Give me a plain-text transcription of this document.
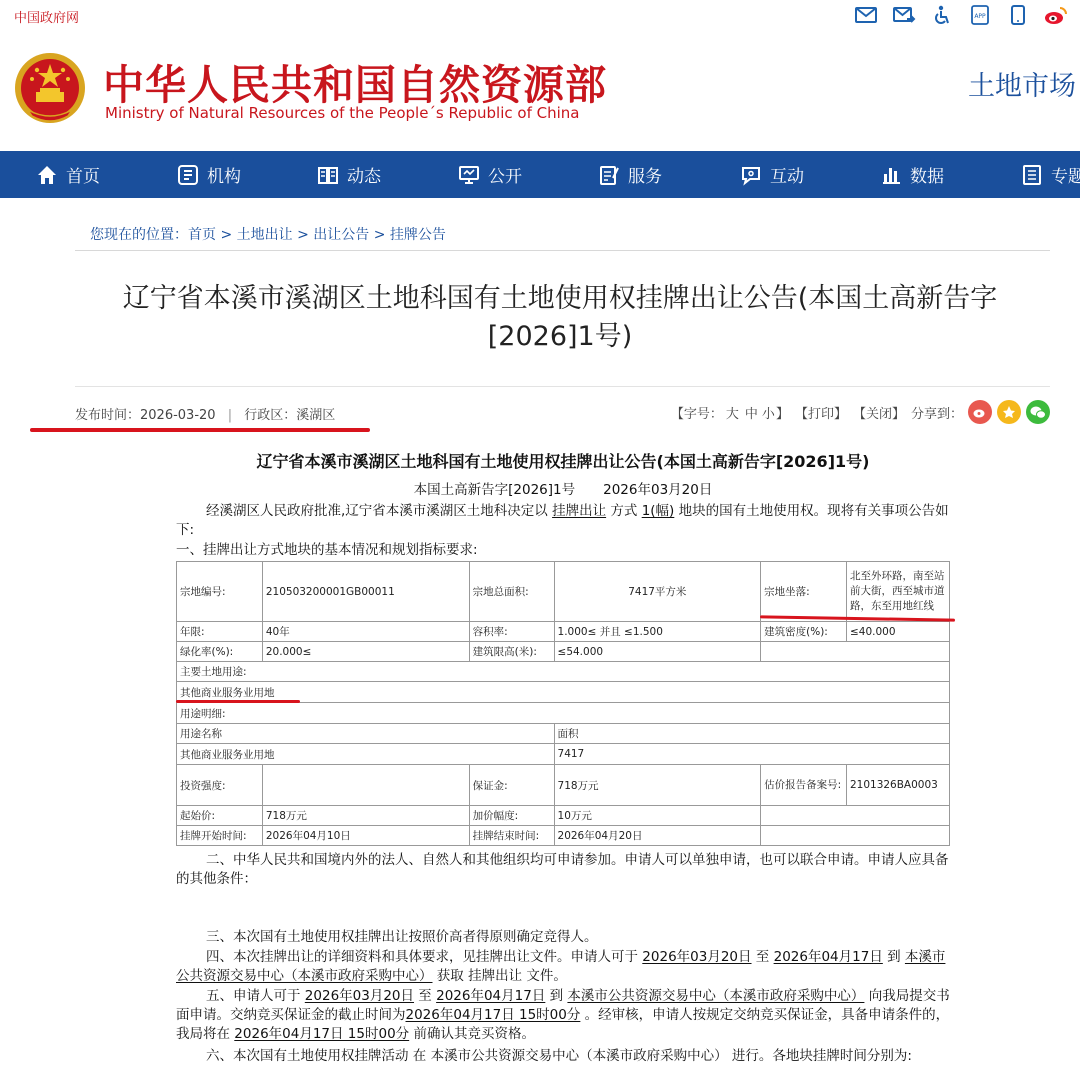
中国政府网	APP
中华人民共和国自然资源部
Ministry of Natural Resources of the People´s Republic of China
土地市场
首页	机构	动态	公开	服务	互动	数据	专题
您现在的位置：首页 > 土地出让 > 出让公告 > 挂牌公告
辽宁省本溪市溪湖区土地科国有土地使用权挂牌出让公告(本国土高新告字
[2026]1号)
发布时间：2026-03-20 | 行政区：溪湖区	【字号： 大 中 小 】 【打印】 【关闭】 分享到：
辽宁省本溪市溪湖区土地科国有土地使用权挂牌出让公告(本国土高新告字[2026]1号)
本国土高新告字[2026]1号 2026年03月20日
经溪湖区人民政府批准,辽宁省本溪市溪湖区土地科决定以 挂牌出让 方式 1(幅) 地块的国有土地使用权。现将有关事项公告如下:
一、挂牌出让方式地块的基本情况和规划指标要求:
宗地编号:	210503200001GB00011	宗地总面积:	7417平方米	宗地坐落:	北至外环路，南至站前大街，西至城市道路，东至用地红线
年限:	40年	容积率:	1.000≤ 并且 ≤1.500	建筑密度(%):	≤40.000
绿化率(%):	20.000≤	建筑限高(米):	≤54.000		
主要土地用途:					
其他商业服务业用地					
用途明细:					
用途名称			面积		
其他商业服务业用地			7417		
投资强度:		保证金:	718万元	估价报告备案号:	2101326BA0003
起始价:	718万元	加价幅度:	10万元		
挂牌开始时间:	2026年04月10日	挂牌结束时间:	2026年04月20日		
二、中华人民共和国境内外的法人、自然人和其他组织均可申请参加。申请人可以单独申请，也可以联合申请。申请人应具备的其他条件：
三、本次国有土地使用权挂牌出让按照价高者得原则确定竞得人。
四、本次挂牌出让的详细资料和具体要求，见挂牌出让文件。申请人可于 2026年03月20日 至 2026年04月17日 到 本溪市公共资源交易中心（本溪市政府采购中心） 获取 挂牌出让 文件。
五、申请人可于 2026年03月20日 至 2026年04月17日 到 本溪市公共资源交易中心（本溪市政府采购中心） 向我局提交书面申请。交纳竞买保证金的截止时间为2026年04月17日 15时00分 。经审核，申请人按规定交纳竞买保证金，具备申请条件的，我局将在 2026年04月17日 15时00分 前确认其竞买资格。
六、本次国有土地使用权挂牌活动 在 本溪市公共资源交易中心（本溪市政府采购中心） 进行。各地块挂牌时间分别为:
